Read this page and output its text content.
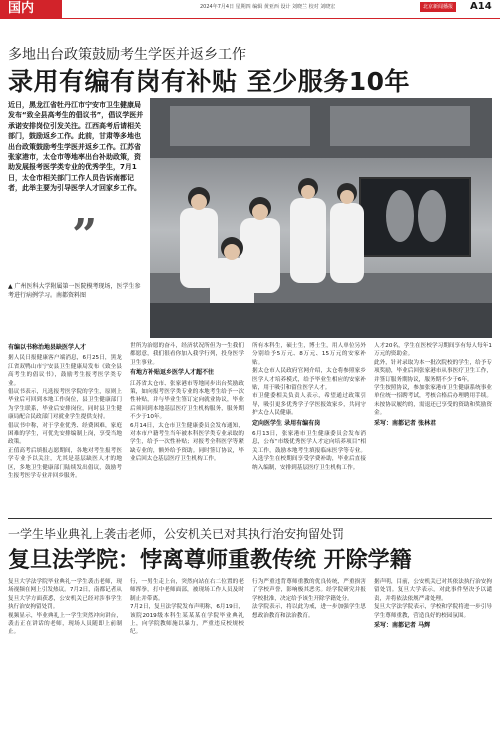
国内	2024年7月4日 星期四 编辑 黄亚西 设计 刘晓兰 校对 刘晓宏	北京新闻播报	A14
多地出台政策鼓励考生学医并返乡工作
录用有编有岗有补贴 至少服务10年
近日，黑龙江省牡丹江市宁安市卫生健康局发布“致全县高考生的倡议书”，倡议学医并承诺安排岗位引发关注。江西高考后请相关部门，鼓励返乡工作。此前，甘肃等多地也出台政策鼓励考生学医并返乡工作。江苏省张家港市，太仓市等地率出台补助政策，资助发展报考医学类专业的优秀学生，7月1日，太仓市相关部门工作人员告诉南都记者，此举主要为引导医学人才回家乡工作。
”
▲ 广州医科大学附属第一医院模考现场，医学生参考进行病例学习。南都资料图
有编以书称治地县缺医学人才

据人民日报健康客户端消息，6月25日，黑龙江省双鸭山市宁安县卫生健康局发布《致全县高考生的倡议书》，鼓励考生报考医学类专业。

倡议书表示，凡选报考医学院的学生，原则上毕业后可回到本地工作岗位，县卫生健康部门为学生联系，毕业后安排岗位，同时县卫生健康局配合民政部门对就业学生提供支持。

倡议书中称，对于学业优秀、经费困难，家庭困难的学生，可优先安排编制上岗，享受当地政策。

正值高考后填报志愿期间，各地对考生报考医学专业予以关注，尤其是基层缺医人才的地区，多地卫生健康部门陆续发出倡议，鼓励考生报考医学专业并回乡服务。

世所为治愿的奋斗，经济状况所但为一生我们都愿意，我们很看你加入我学行列，投身医学卫生事业。

有地方补贴返乡医学人才超不往

江苏省太仓市、张家港市等地同步出台奖励政策，如向报考医学类专业的本地考生给予一次性补贴，并与毕业生签订定向就业协议，毕业后须回到本地基层医疗卫生机构服务，服务期不少于10年。

6月14日，太仓市卫生健康委员会发布通知，对本市户籍考生当年被本科医学类专业录取的学生，给予一次性补贴；对报考全科医学等紧缺专业的，额外给予资助。同时签订协议，毕业后回太仓基层医疗卫生机构工作。

所有本科生，硕士生，博士生，用人单位另外分别给予5万元、8万元、15万元的安家补贴。

据太仓市人民政府官网介绍，太仓将参照家乡医学人才培养模式，给予毕业生相应的安家补贴，用于吸引和留住医学人才。

市卫健委相关负责人表示，希望通过政策引导，吸引更多优秀学子学医报效家乡，共同守护太仓人民健康。

定向医学生 录用有编有岗

6月13日，张家港市卫生健康委员会发布消息，公布“市级优秀医学人才定向培养项目”相关工作，鼓励本地考生填报临床医学等专业。入选学生在校期间享受学费补助，毕业后直接纳入编制，安排到基层医疗卫生机构工作。

人才20名，学生在医校学习期间享有每人每年1万元的资助金。

此外，针对录取为本一批次院校的学生，给予专项奖励，毕业后回张家港市从事医疗卫生工作，并签订服务期协议，服务期不少于6年。

学生按照协议，参加张家港市卫生健康系统事业单位统一招聘考试，考核合格后办理聘用手续。未按协议履约的，需退还已享受的资助和奖励资金。

采写：南都记者 张林君

一学生毕业典礼上袭击老师，公安机关已对其执行治安拘留处罚
复旦法学院：悖离尊师重教传统 开除学籍

复旦大学法学院毕业典礼一学生袭击老师，现场视频在网上引发热议。7月2日，南都记者从复旦大学方面获悉，公安机关已经对涉事学生执行治安拘留处罚。

视频显示，毕业典礼上一学生突然冲向讲台，袭击正在讲话的老师，现场人员随即上前制止。

行，一男生走上台，突然向站在右二位置的老师挥拳，打中老师面部，被现场工作人员及时制止并带离。

7月2日，复旦法学院发布声明称，6月19日，该院2019级本科生某某某在学院毕业典礼上，向学院教师施以暴力，严重违反校规校纪。

行为严重违背尊师重教的优良传统，严重损害了学校声誉，影响极其恶劣。经学院研究并报学校批准，决定给予该生开除学籍处分。

法学院表示，将以此为戒，进一步加强学生思想政治教育和法治教育。

据声明，目前，公安机关已对其依法执行治安拘留处罚。复旦大学表示，对此事件坚决予以谴责，并将依法依规严肃处理。

复旦大学法学院表示，学校和学院将进一步引导学生尊师重教，营造良好的校园氛围。

采写：南都记者 马辉
